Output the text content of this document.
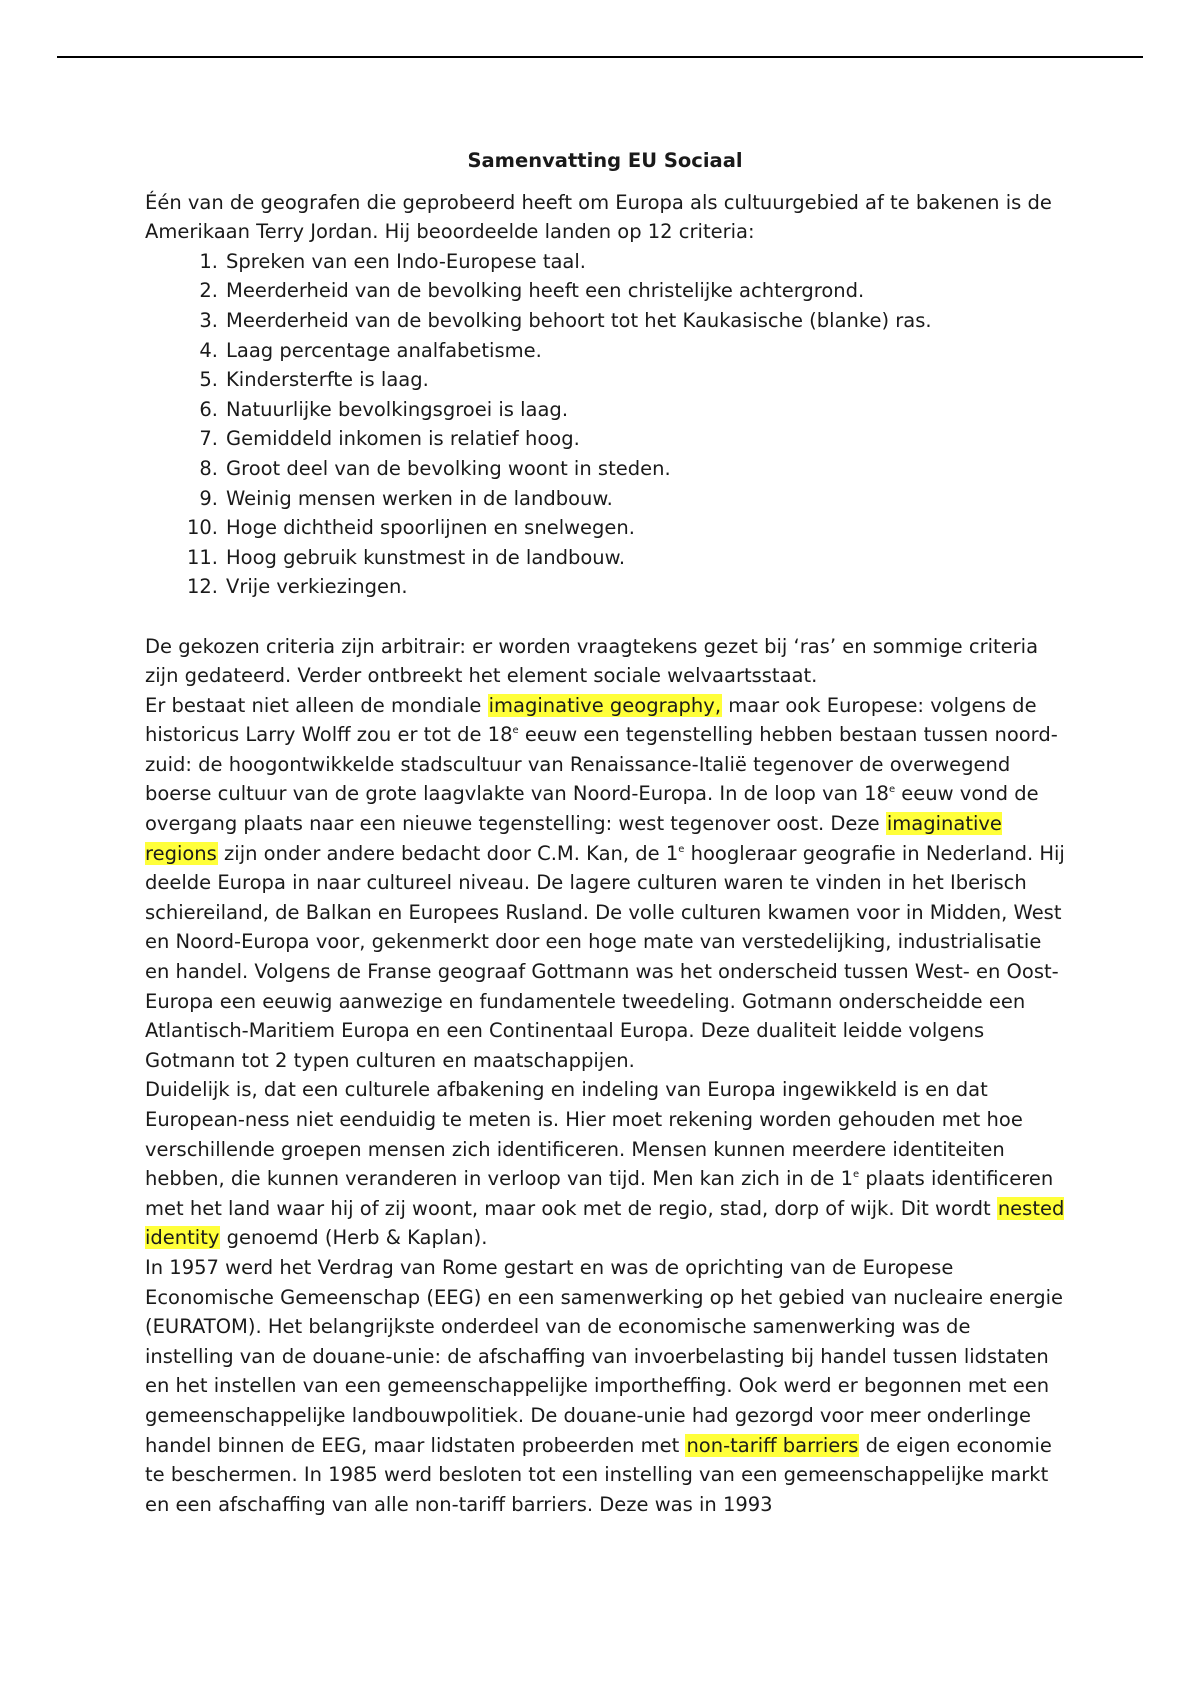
Samenvatting EU Sociaal

Één van de geografen die geprobeerd heeft om Europa als cultuurgebied af te bakenen is de Amerikaan Terry Jordan. Hij beoordeelde landen op 12 criteria:

1. Spreken van een Indo-Europese taal.
2. Meerderheid van de bevolking heeft een christelijke achtergrond.
3. Meerderheid van de bevolking behoort tot het Kaukasische (blanke) ras.
4. Laag percentage analfabetisme.
5. Kindersterfte is laag.
6. Natuurlijke bevolkingsgroei is laag.
7. Gemiddeld inkomen is relatief hoog.
8. Groot deel van de bevolking woont in steden.
9. Weinig mensen werken in de landbouw.
10. Hoge dichtheid spoorlijnen en snelwegen.
11. Hoog gebruik kunstmest in de landbouw.
12. Vrije verkiezingen.

De gekozen criteria zijn arbitrair: er worden vraagtekens gezet bij ‘ras’ en sommige criteria zijn gedateerd. Verder ontbreekt het element sociale welvaartsstaat.

Er bestaat niet alleen de mondiale imaginative geography, maar ook Europese: volgens de historicus Larry Wolff zou er tot de 18e eeuw een tegenstelling hebben bestaan tussen noord-zuid: de hoogontwikkelde stadscultuur van Renaissance-Italië tegenover de overwegend boerse cultuur van de grote laagvlakte van Noord-Europa. In de loop van 18e eeuw vond de overgang plaats naar een nieuwe tegenstelling: west tegenover oost. Deze imaginative regions zijn onder andere bedacht door C.M. Kan, de 1e hoogleraar geografie in Nederland. Hij deelde Europa in naar cultureel niveau. De lagere culturen waren te vinden in het Iberisch schiereiland, de Balkan en Europees Rusland. De volle culturen kwamen voor in Midden, West en Noord-Europa voor, gekenmerkt door een hoge mate van verstedelijking, industrialisatie en handel. Volgens de Franse geograaf Gottmann was het onderscheid tussen West- en Oost-Europa een eeuwig aanwezige en fundamentele tweedeling. Gotmann onderscheidde een Atlantisch-Maritiem Europa en een Continentaal Europa. Deze dualiteit leidde volgens Gotmann tot 2 typen culturen en maatschappijen.

Duidelijk is, dat een culturele afbakening en indeling van Europa ingewikkeld is en dat European-ness niet eenduidig te meten is. Hier moet rekening worden gehouden met hoe verschillende groepen mensen zich identificeren. Mensen kunnen meerdere identiteiten hebben, die kunnen veranderen in verloop van tijd. Men kan zich in de 1e plaats identificeren met het land waar hij of zij woont, maar ook met de regio, stad, dorp of wijk. Dit wordt nested identity genoemd (Herb & Kaplan).

In 1957 werd het Verdrag van Rome gestart en was de oprichting van de Europese Economische Gemeenschap (EEG) en een samenwerking op het gebied van nucleaire energie (EURATOM). Het belangrijkste onderdeel van de economische samenwerking was de instelling van de douane-unie: de afschaffing van invoerbelasting bij handel tussen lidstaten en het instellen van een gemeenschappelijke importheffing. Ook werd er begonnen met een gemeenschappelijke landbouwpolitiek. De douane-unie had gezorgd voor meer onderlinge handel binnen de EEG, maar lidstaten probeerden met non-tariff barriers de eigen economie te beschermen. In 1985 werd besloten tot een instelling van een gemeenschappelijke markt en een afschaffing van alle non-tariff barriers. Deze was in 1993
